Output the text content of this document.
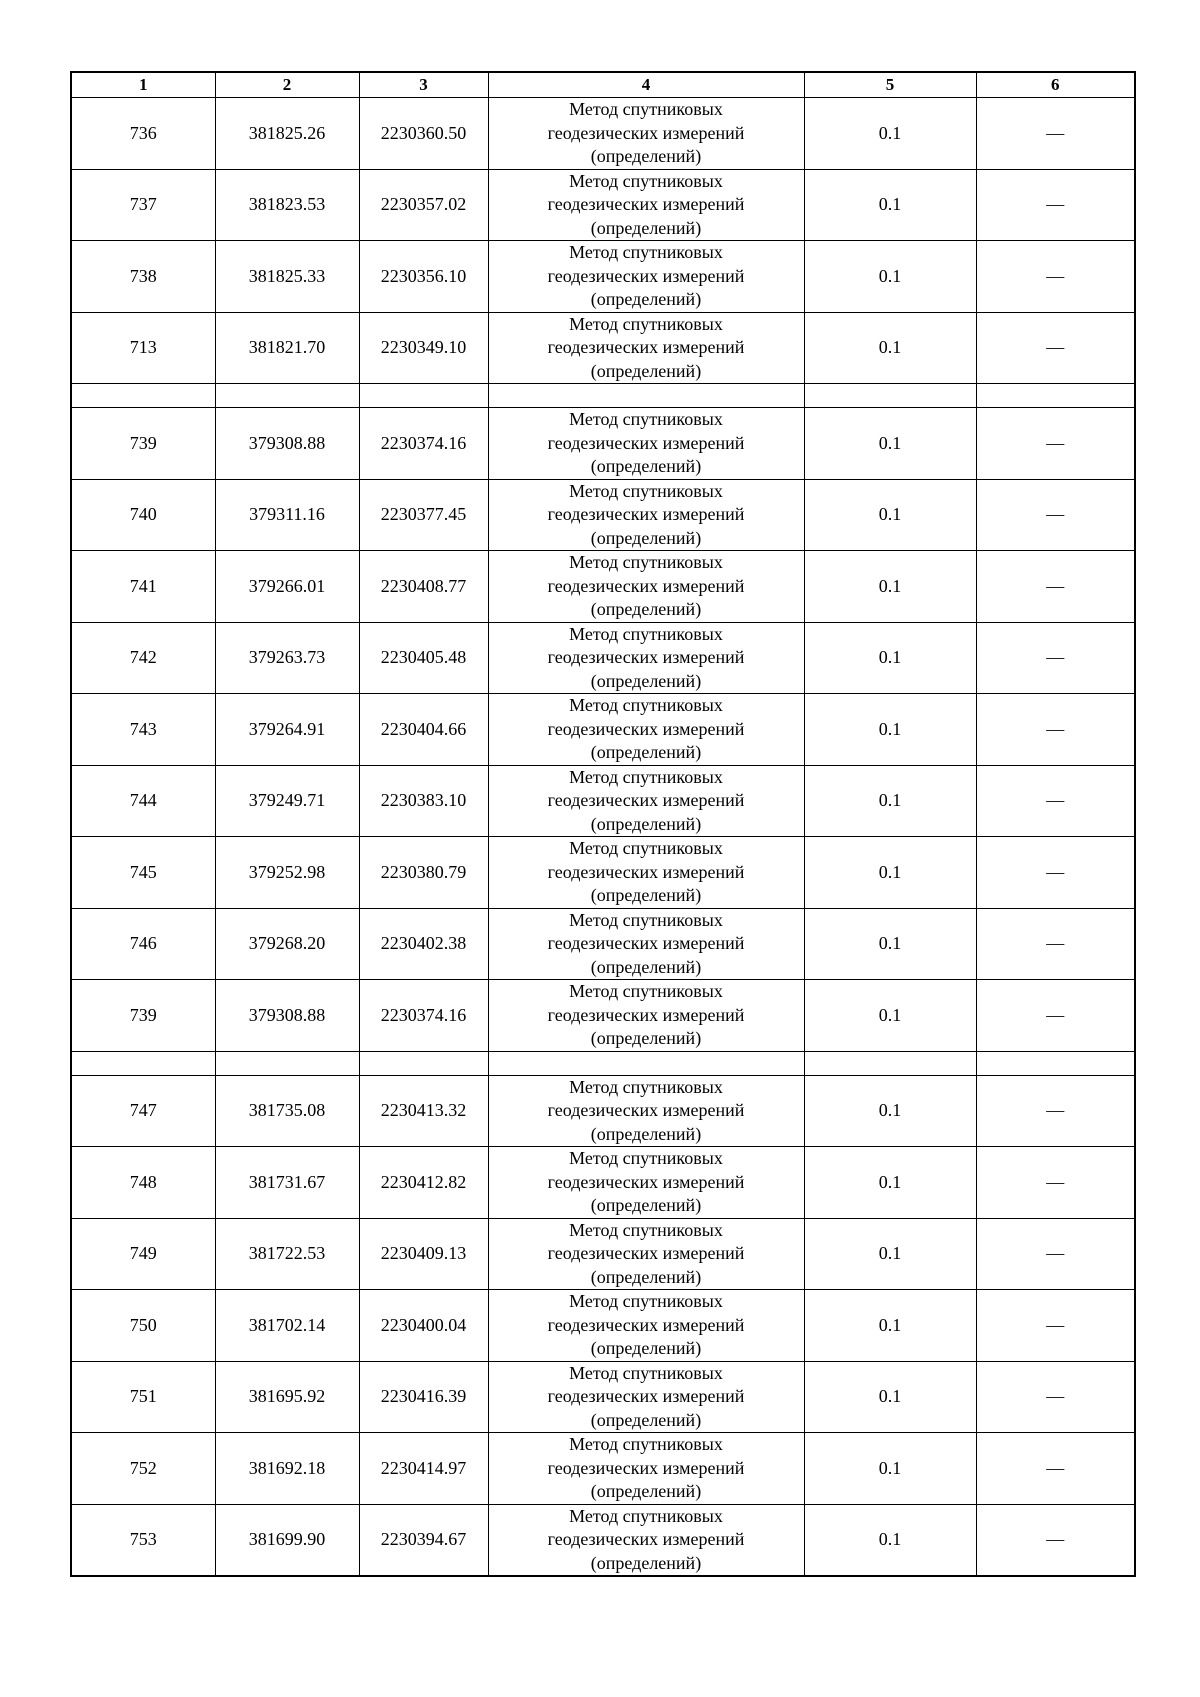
1	2	3	4	5	6
736	381825.26	2230360.50	Метод спутниковых
геодезических измерений
(определений)	0.1	—
737	381823.53	2230357.02	Метод спутниковых
геодезических измерений
(определений)	0.1	—
738	381825.33	2230356.10	Метод спутниковых
геодезических измерений
(определений)	0.1	—
713	381821.70	2230349.10	Метод спутниковых
геодезических измерений
(определений)	0.1	—

739	379308.88	2230374.16	Метод спутниковых
геодезических измерений
(определений)	0.1	—
740	379311.16	2230377.45	Метод спутниковых
геодезических измерений
(определений)	0.1	—
741	379266.01	2230408.77	Метод спутниковых
геодезических измерений
(определений)	0.1	—
742	379263.73	2230405.48	Метод спутниковых
геодезических измерений
(определений)	0.1	—
743	379264.91	2230404.66	Метод спутниковых
геодезических измерений
(определений)	0.1	—
744	379249.71	2230383.10	Метод спутниковых
геодезических измерений
(определений)	0.1	—
745	379252.98	2230380.79	Метод спутниковых
геодезических измерений
(определений)	0.1	—
746	379268.20	2230402.38	Метод спутниковых
геодезических измерений
(определений)	0.1	—
739	379308.88	2230374.16	Метод спутниковых
геодезических измерений
(определений)	0.1	—

747	381735.08	2230413.32	Метод спутниковых
геодезических измерений
(определений)	0.1	—
748	381731.67	2230412.82	Метод спутниковых
геодезических измерений
(определений)	0.1	—
749	381722.53	2230409.13	Метод спутниковых
геодезических измерений
(определений)	0.1	—
750	381702.14	2230400.04	Метод спутниковых
геодезических измерений
(определений)	0.1	—
751	381695.92	2230416.39	Метод спутниковых
геодезических измерений
(определений)	0.1	—
752	381692.18	2230414.97	Метод спутниковых
геодезических измерений
(определений)	0.1	—
753	381699.90	2230394.67	Метод спутниковых
геодезических измерений
(определений)	0.1	—
